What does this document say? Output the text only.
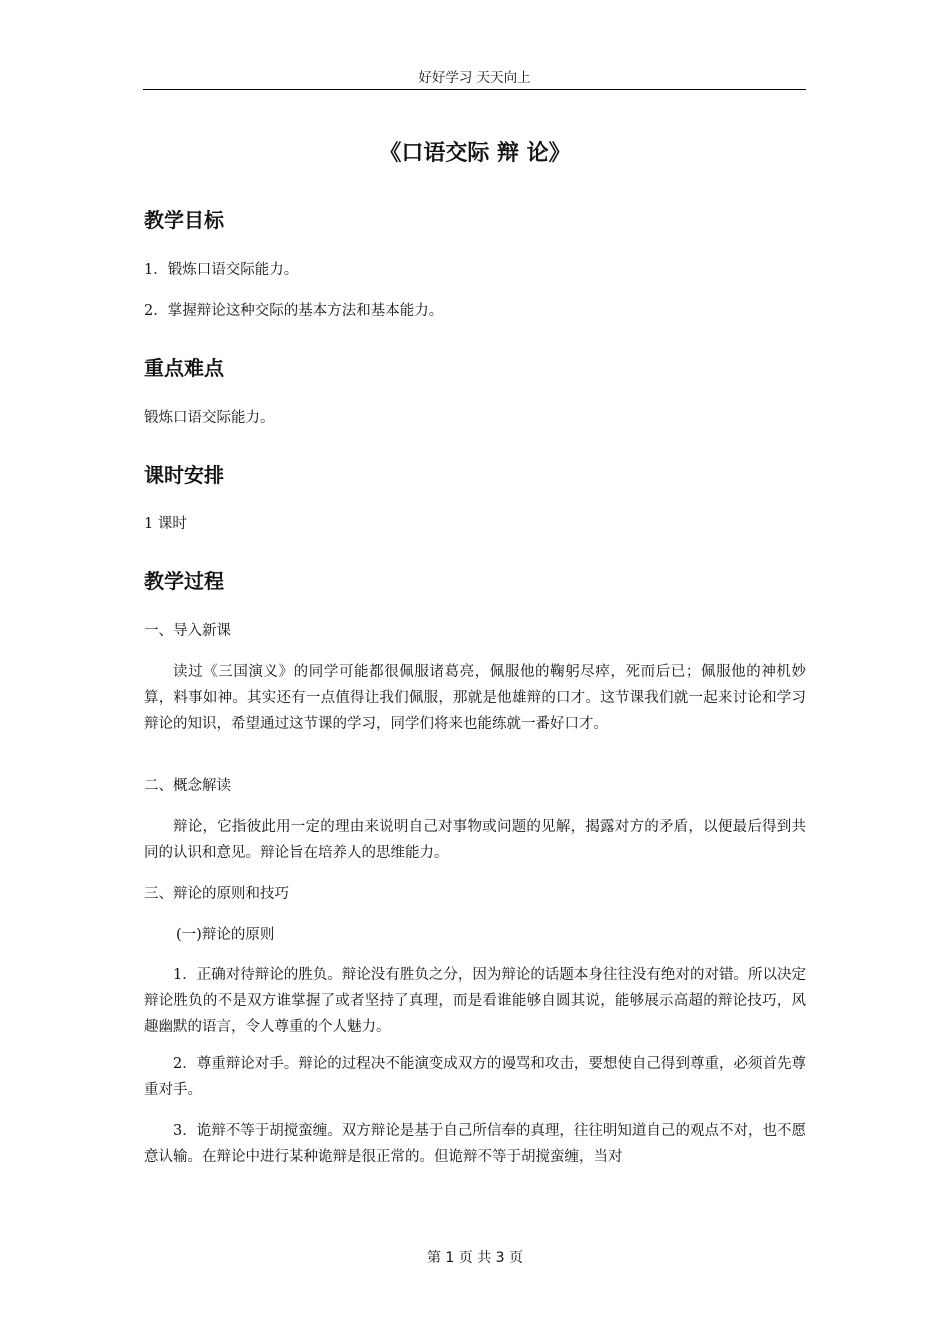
好好学习 天天向上
《口语交际 辩 论》
教学目标
1．锻炼口语交际能力。
2．掌握辩论这种交际的基本方法和基本能力。
重点难点
锻炼口语交际能力。
课时安排
1 课时
教学过程
一、导入新课
读过《三国演义》的同学可能都很佩服诸葛亮，佩服他的鞠躬尽瘁，死而后已；佩服他的神机妙算，料事如神。其实还有一点值得让我们佩服，那就是他雄辩的口才。这节课我们就一起来讨论和学习辩论的知识，希望通过这节课的学习，同学们将来也能练就一番好口才。
二、概念解读
辩论，它指彼此用一定的理由来说明自己对事物或问题的见解，揭露对方的矛盾，以便最后得到共同的认识和意见。辩论旨在培养人的思维能力。
三、辩论的原则和技巧
(一)辩论的原则
1．正确对待辩论的胜负。辩论没有胜负之分，因为辩论的话题本身往往没有绝对的对错。所以决定辩论胜负的不是双方谁掌握了或者坚持了真理，而是看谁能够自圆其说，能够展示高超的辩论技巧，风趣幽默的语言，令人尊重的个人魅力。
2．尊重辩论对手。辩论的过程决不能演变成双方的谩骂和攻击，要想使自己得到尊重，必须首先尊重对手。
3．诡辩不等于胡搅蛮缠。双方辩论是基于自己所信奉的真理，往往明知道自己的观点不对，也不愿意认输。在辩论中进行某种诡辩是很正常的。但诡辩不等于胡搅蛮缠，当对
第 1 页 共 3 页
